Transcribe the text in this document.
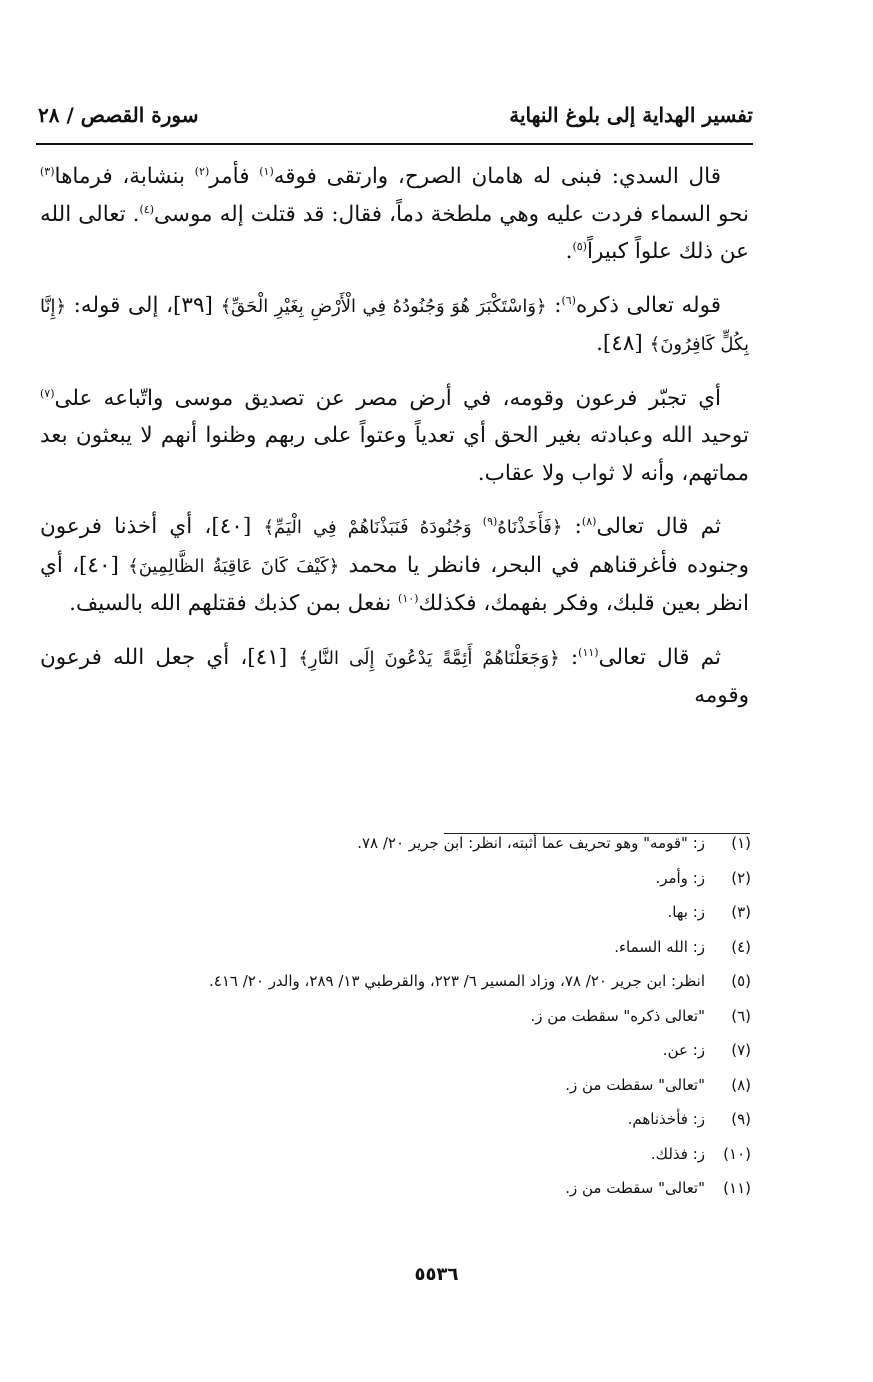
تفسير الهداية إلى بلوغ النهاية
سورة القصص / ٢٨

قال السدي: فبنى له هامان الصرح، وارتقى فوقه$^{(١)}$ فأمر$^{(٢)}$ بنشابة، فرماها$^{(٣)}$ نحو السماء فردت عليه وهي ملطخة دماً، فقال: قد قتلت إله موسى$^{(٤)}$. تعالى الله عن ذلك علواً كبيراً$^{(٥)}$.

قوله تعالى ذكره$^{(٦)}$: ﴿وَاسْتَكْبَرَ هُوَ وَجُنُودُهُ فِي الْأَرْضِ بِغَيْرِ الْحَقِّ﴾ [٣٩]، إلى قوله: ﴿إِنَّا بِكُلٍّ كَافِرُونَ﴾ [٤٨].

أي تجبّر فرعون وقومه، في أرض مصر عن تصديق موسى واتّباعه على$^{(٧)}$ توحيد الله وعبادته بغير الحق أي تعدياً وعتواً على ربهم وظنوا أنهم لا يبعثون بعد مماتهم، وأنه لا ثواب ولا عقاب.

ثم قال تعالى$^{(٨)}$: ﴿فَأَخَذْنَاهُ$^{(٩)}$ وَجُنُودَهُ فَنَبَذْنَاهُمْ فِي الْيَمِّ﴾ [٤٠]، أي أخذنا فرعون وجنوده فأغرقناهم في البحر، فانظر يا محمد ﴿كَيْفَ كَانَ عَاقِبَةُ الظَّالِمِينَ﴾ [٤٠]، أي انظر بعين قلبك، وفكر بفهمك، فكذلك$^{(١٠)}$ نفعل بمن كذبك فقتلهم الله بالسيف.

ثم قال تعالى$^{(١١)}$: ﴿وَجَعَلْنَاهُمْ أَئِمَّةً يَدْعُونَ إِلَى النَّارِ﴾ [٤١]، أي جعل الله فرعون وقومه

(١)
ز: "قومه" وهو تحريف عما أثبته، انظر: ابن جرير ٢٠/ ٧٨.
(٢)
ز: وأمر.
(٣)
ز: بها.
(٤)
ز: الله السماء.
(٥)
انظر: ابن جرير ٢٠/ ٧٨، وزاد المسير ٦/ ٢٢٣، والقرطبي ١٣/ ٢٨٩، والدر ٢٠/ ٤١٦.
(٦)
"تعالى ذكره" سقطت من ز.
(٧)
ز: عن.
(٨)
"تعالى" سقطت من ز.
(٩)
ز: فأخذناهم.
(١٠)
ز: فذلك.
(١١)
"تعالى" سقطت من ز.
٥٥٣٦
